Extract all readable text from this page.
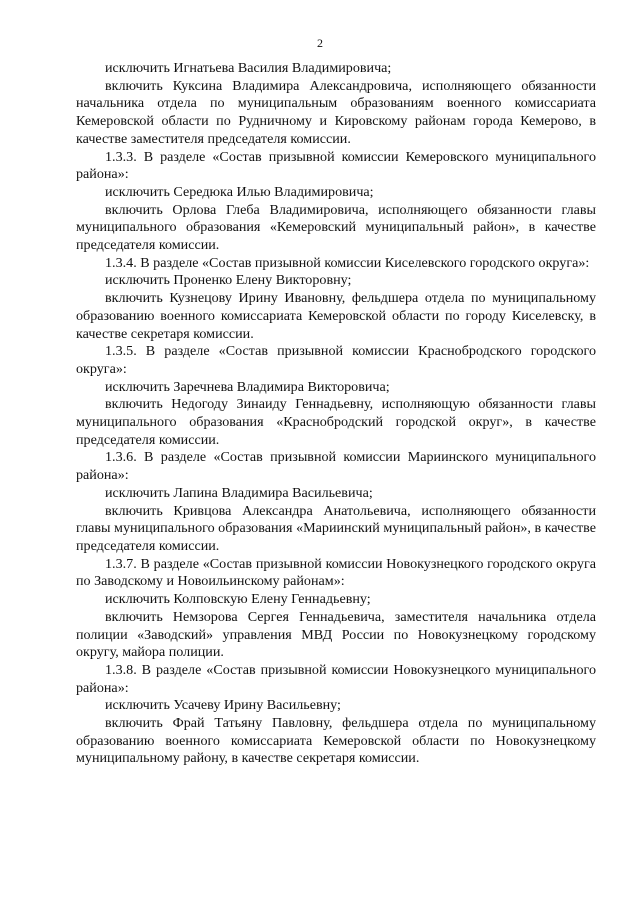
2

исключить Игнатьева Василия Владимировича;

включить Куксина Владимира Александровича, исполняющего обязанности начальника отдела по муниципальным образованиям военного комиссариата Кемеровской области по Рудничному и Кировскому районам города Кемерово, в качестве заместителя председателя комиссии.

1.3.3. В разделе «Состав призывной комиссии Кемеровского муниципального района»:

исключить Середюка Илью Владимировича;

включить Орлова Глеба Владимировича, исполняющего обязанности главы муниципального образования «Кемеровский муниципальный район», в качестве председателя комиссии.

1.3.4. В разделе «Состав призывной комиссии Киселевского городского округа»:

исключить Проненко Елену Викторовну;

включить Кузнецову Ирину Ивановну, фельдшера отдела по муниципальному образованию военного комиссариата Кемеровской области по городу Киселевску, в качестве секретаря комиссии.

1.3.5. В разделе «Состав призывной комиссии Краснобродского городского округа»:

исключить Заречнева Владимира Викторовича;

включить Недогоду Зинаиду Геннадьевну, исполняющую обязанности главы муниципального образования «Краснобродский городской округ», в качестве председателя комиссии.

1.3.6. В разделе «Состав призывной комиссии Мариинского муниципального района»:

исключить Лапина Владимира Васильевича;

включить Кривцова Александра Анатольевича, исполняющего обязанности главы муниципального образования «Мариинский муниципальный район», в качестве председателя комиссии.

1.3.7. В разделе «Состав призывной комиссии Новокузнецкого городского округа по Заводскому и Новоильинскому районам»:

исключить Колповскую Елену Геннадьевну;

включить Немзорова Сергея Геннадьевича, заместителя начальника отдела полиции «Заводский» управления МВД России по Новокузнецкому городскому округу, майора полиции.

1.3.8. В разделе «Состав призывной комиссии Новокузнецкого муниципального района»:

исключить Усачеву Ирину Васильевну;

включить Фрай Татьяну Павловну, фельдшера отдела по муниципальному образованию военного комиссариата Кемеровской области по Новокузнецкому муниципальному району, в качестве секретаря комиссии.
